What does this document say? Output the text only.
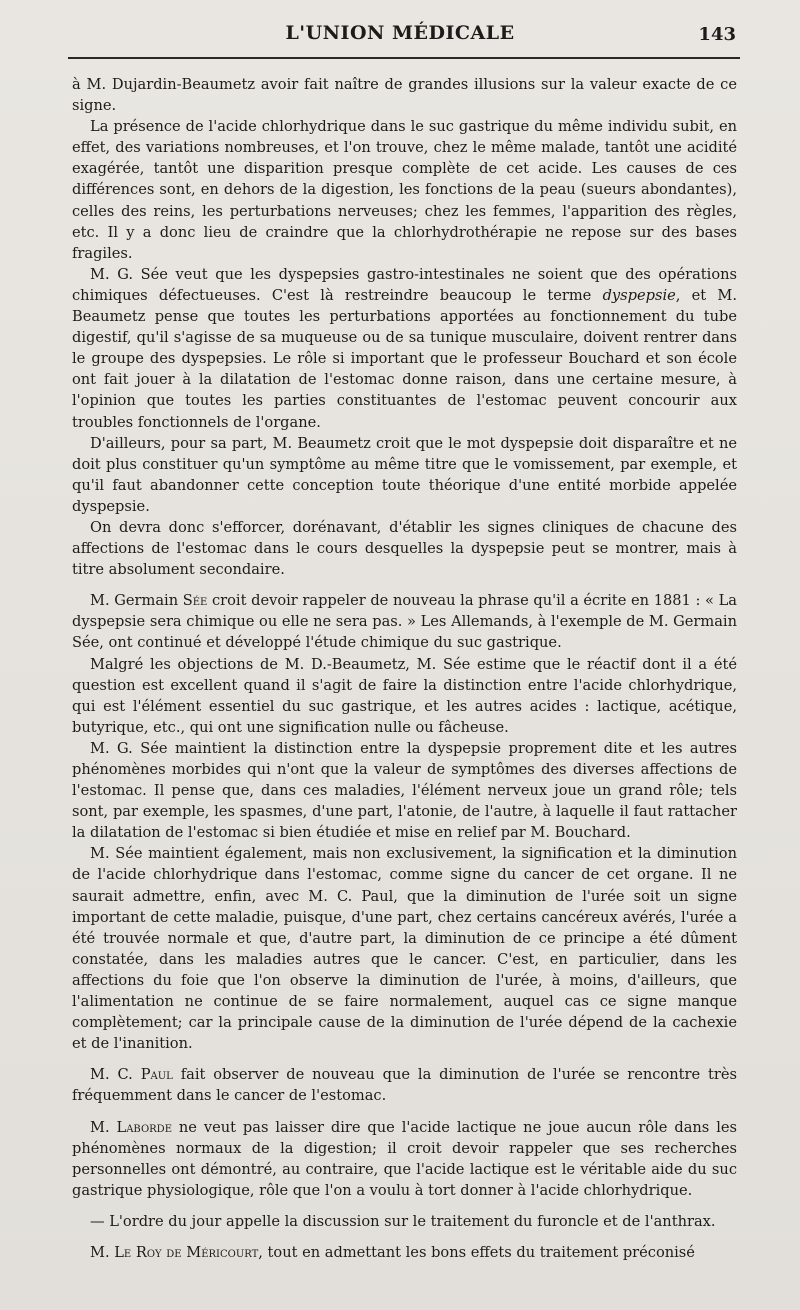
L'UNION MÉDICALE	143

à M. Dujardin-Beaumetz avoir fait naître de grandes illusions sur la valeur exacte de ce signe.

La présence de l'acide chlorhydrique dans le suc gastrique du même individu subit, en effet, des variations nombreuses, et l'on trouve, chez le même malade, tantôt une acidité exagérée, tantôt une disparition presque complète de cet acide. Les causes de ces différences sont, en dehors de la digestion, les fonctions de la peau (sueurs abondantes), celles des reins, les perturbations nerveuses; chez les femmes, l'apparition des règles, etc. Il y a donc lieu de craindre que la chlorhydrothérapie ne repose sur des bases fragiles.

M. G. Sée veut que les dyspepsies gastro-intestinales ne soient que des opérations chimiques défectueuses. C'est là restreindre beaucoup le terme dyspepsie, et M. Beaumetz pense que toutes les perturbations apportées au fonctionnement du tube digestif, qu'il s'agisse de sa muqueuse ou de sa tunique musculaire, doivent rentrer dans le groupe des dyspepsies. Le rôle si important que le professeur Bouchard et son école ont fait jouer à la dilatation de l'estomac donne raison, dans une certaine mesure, à l'opinion que toutes les parties constituantes de l'estomac peuvent concourir aux troubles fonctionnels de l'organe.

D'ailleurs, pour sa part, M. Beaumetz croit que le mot dyspepsie doit disparaître et ne doit plus constituer qu'un symptôme au même titre que le vomissement, par exemple, et qu'il faut abandonner cette conception toute théorique d'une entité morbide appelée dyspepsie.

On devra donc s'efforcer, dorénavant, d'établir les signes cliniques de chacune des affections de l'estomac dans le cours desquelles la dyspepsie peut se montrer, mais à titre absolument secondaire.

M. Germain Sée croit devoir rappeler de nouveau la phrase qu'il a écrite en 1881 : « La dyspepsie sera chimique ou elle ne sera pas. » Les Allemands, à l'exemple de M. Germain Sée, ont continué et développé l'étude chimique du suc gastrique.

Malgré les objections de M. D.-Beaumetz, M. Sée estime que le réactif dont il a été question est excellent quand il s'agit de faire la distinction entre l'acide chlorhydrique, qui est l'élément essentiel du suc gastrique, et les autres acides : lactique, acétique, butyrique, etc., qui ont une signification nulle ou fâcheuse.

M. G. Sée maintient la distinction entre la dyspepsie proprement dite et les autres phénomènes morbides qui n'ont que la valeur de symptômes des diverses affections de l'estomac. Il pense que, dans ces maladies, l'élément nerveux joue un grand rôle; tels sont, par exemple, les spasmes, d'une part, l'atonie, de l'autre, à laquelle il faut rattacher la dilatation de l'estomac si bien étudiée et mise en relief par M. Bouchard.

M. Sée maintient également, mais non exclusivement, la signification et la diminution de l'acide chlorhydrique dans l'estomac, comme signe du cancer de cet organe. Il ne saurait admettre, enfin, avec M. C. Paul, que la diminution de l'urée soit un signe important de cette maladie, puisque, d'une part, chez certains cancéreux avérés, l'urée a été trouvée normale et que, d'autre part, la diminution de ce principe a été dûment constatée, dans les maladies autres que le cancer. C'est, en particulier, dans les affections du foie que l'on observe la diminution de l'urée, à moins, d'ailleurs, que l'alimentation ne continue de se faire normalement, auquel cas ce signe manque complètement; car la principale cause de la diminution de l'urée dépend de la cachexie et de l'inanition.

M. C. Paul fait observer de nouveau que la diminution de l'urée se rencontre très fréquemment dans le cancer de l'estomac.

M. Laborde ne veut pas laisser dire que l'acide lactique ne joue aucun rôle dans les phénomènes normaux de la digestion; il croit devoir rappeler que ses recherches personnelles ont démontré, au contraire, que l'acide lactique est le véritable aide du suc gastrique physiologique, rôle que l'on a voulu à tort donner à l'acide chlorhydrique.

— L'ordre du jour appelle la discussion sur le traitement du furoncle et de l'anthrax.

M. Le Roy de Méricourt, tout en admettant les bons effets du traitement préconisé
